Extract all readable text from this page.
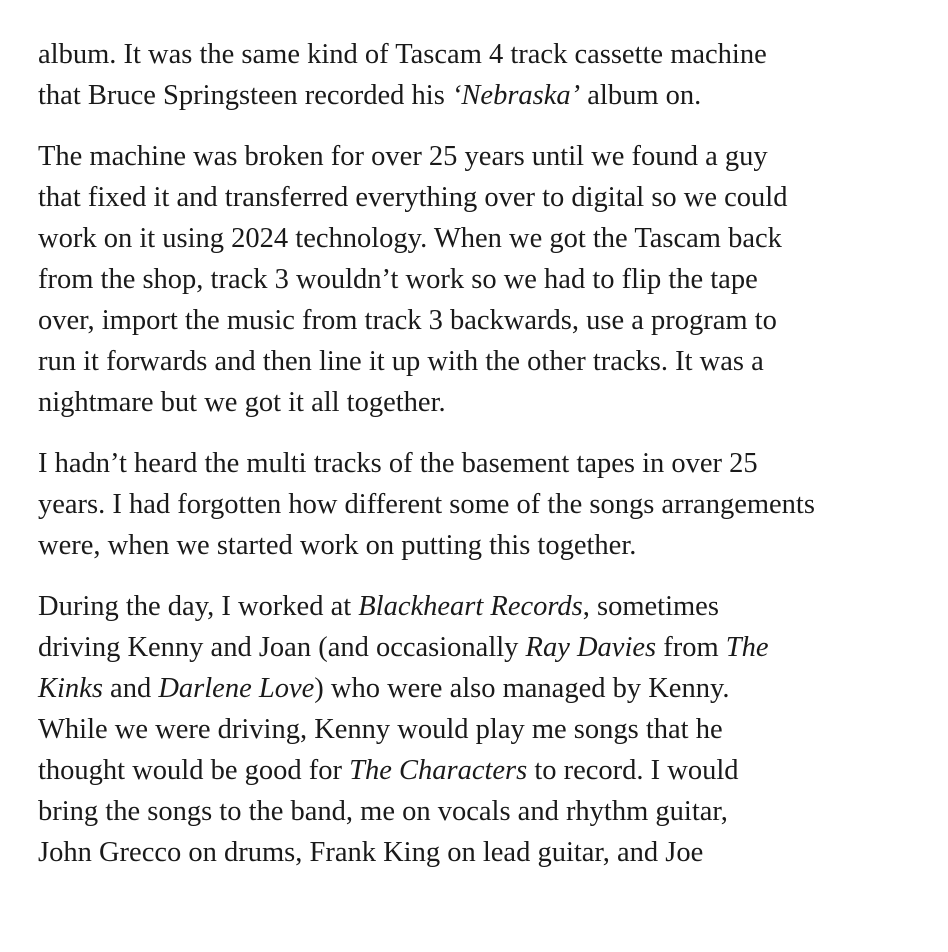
album. It was the same kind of Tascam 4 track cassette machine
that Bruce Springsteen recorded his ‘Nebraska’ album on.

The machine was broken for over 25 years until we found a guy
that fixed it and transferred everything over to digital so we could
work on it using 2024 technology. When we got the Tascam back
from the shop, track 3 wouldn’t work so we had to flip the tape
over, import the music from track 3 backwards, use a program to
run it forwards and then line it up with the other tracks. It was a
nightmare but we got it all together.

I hadn’t heard the multi tracks of the basement tapes in over 25
years. I had forgotten how different some of the songs arrangements
were, when we started work on putting this together.

During the day, I worked at Blackheart Records, sometimes
driving Kenny and Joan (and occasionally Ray Davies from The
Kinks and Darlene Love) who were also managed by Kenny.
While we were driving, Kenny would play me songs that he
thought would be good for The Characters to record. I would
bring the songs to the band, me on vocals and rhythm guitar,
John Grecco on drums, Frank King on lead guitar, and Joe
